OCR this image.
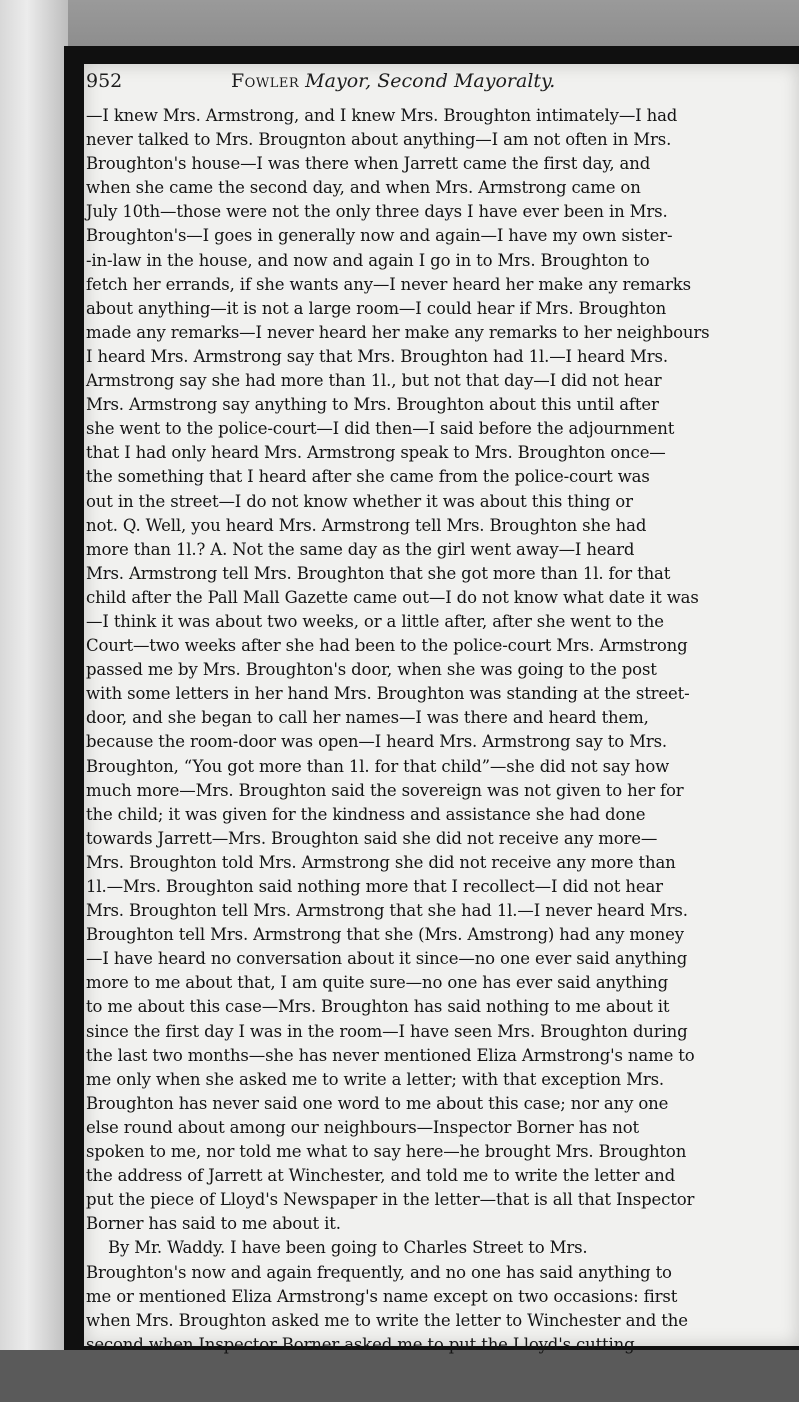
952	Fowler Mayor, Second Mayoralty.
—I knew Mrs. Armstrong, and I knew Mrs. Broughton intimately—I had
never talked to Mrs. Brougnton about anything—I am not often in Mrs.
Broughton's house—I was there when Jarrett came the first day, and
when she came the second day, and when Mrs. Armstrong came on
July 10th—those were not the only three days I have ever been in Mrs.
Broughton's—I goes in generally now and again—I have my own sister-
-in-law in the house, and now and again I go in to Mrs. Broughton to
fetch her errands, if she wants any—I never heard her make any remarks
about anything—it is not a large room—I could hear if Mrs. Broughton
made any remarks—I never heard her make any remarks to her neighbours
I heard Mrs. Armstrong say that Mrs. Broughton had 1l.—I heard Mrs.
Armstrong say she had more than 1l., but not that day—I did not hear
Mrs. Armstrong say anything to Mrs. Broughton about this until after
she went to the police-court—I did then—I said before the adjournment
that I had only heard Mrs. Armstrong speak to Mrs. Broughton once—
the something that I heard after she came from the police-court was
out in the street—I do not know whether it was about this thing or
not. Q. Well, you heard Mrs. Armstrong tell Mrs. Broughton she had
more than 1l.? A. Not the same day as the girl went away—I heard
Mrs. Armstrong tell Mrs. Broughton that she got more than 1l. for that
child after the Pall Mall Gazette came out—I do not know what date it was
—I think it was about two weeks, or a little after, after she went to the
Court—two weeks after she had been to the police-court Mrs. Armstrong
passed me by Mrs. Broughton's door, when she was going to the post
with some letters in her hand Mrs. Broughton was standing at the street-
door, and she began to call her names—I was there and heard them,
because the room-door was open—I heard Mrs. Armstrong say to Mrs.
Broughton, “You got more than 1l. for that child”—she did not say how
much more—Mrs. Broughton said the sovereign was not given to her for
the child; it was given for the kindness and assistance she had done
towards Jarrett—Mrs. Broughton said she did not receive any more—
Mrs. Broughton told Mrs. Armstrong she did not receive any more than
1l.—Mrs. Broughton said nothing more that I recollect—I did not hear
Mrs. Broughton tell Mrs. Armstrong that she had 1l.—I never heard Mrs.
Broughton tell Mrs. Armstrong that she (Mrs. Amstrong) had any money
—I have heard no conversation about it since—no one ever said anything
more to me about that, I am quite sure—no one has ever said anything
to me about this case—Mrs. Broughton has said nothing to me about it
since the first day I was in the room—I have seen Mrs. Broughton during
the last two months—she has never mentioned Eliza Armstrong's name to
me only when she asked me to write a letter; with that exception Mrs.
Broughton has never said one word to me about this case; nor any one
else round about among our neighbours—Inspector Borner has not
spoken to me, nor told me what to say here—he brought Mrs. Broughton
the address of Jarrett at Winchester, and told me to write the letter and
put the piece of Lloyd's Newspaper in the letter—that is all that Inspector
Borner has said to me about it.
By Mr. Waddy. I have been going to Charles Street to Mrs.
Broughton's now and again frequently, and no one has said anything to
me or mentioned Eliza Armstrong's name except on two occasions: first
when Mrs. Broughton asked me to write the letter to Winchester and the
second when Inspector Borner asked me to put the Lloyd's cutting
